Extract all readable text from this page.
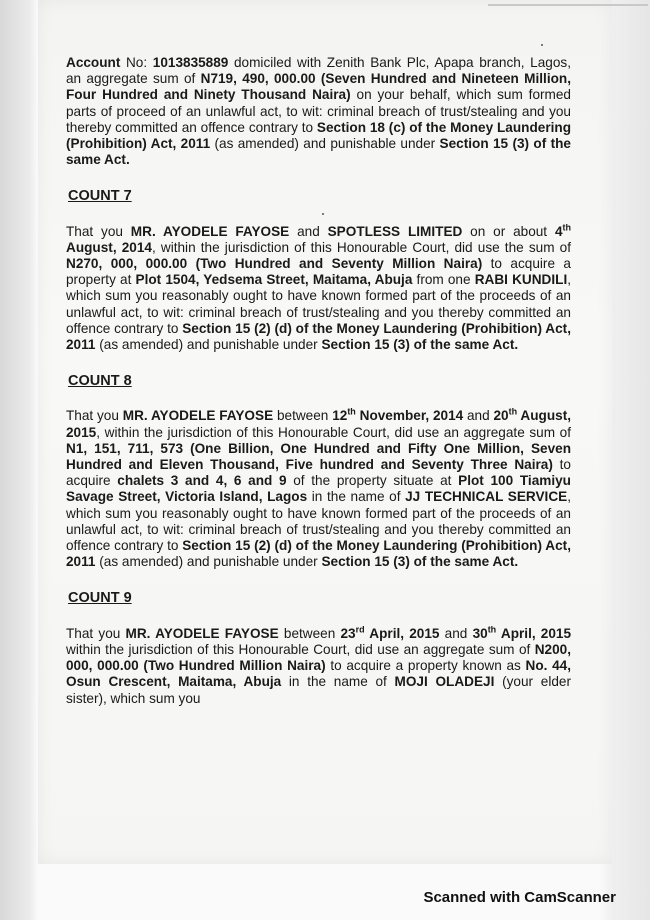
Account No: 1013835889 domiciled with Zenith Bank Plc, Apapa branch, Lagos, an aggregate sum of N719, 490, 000.00 (Seven Hundred and Nineteen Million, Four Hundred and Ninety Thousand Naira) on your behalf, which sum formed parts of proceed of an unlawful act, to wit: criminal breach of trust/stealing and you thereby committed an offence contrary to Section 18 (c) of the Money Laundering (Prohibition) Act, 2011 (as amended) and punishable under Section 15 (3) of the same Act.

COUNT 7

That you MR. AYODELE FAYOSE and SPOTLESS LIMITED on or about 4th August, 2014, within the jurisdiction of this Honourable Court, did use the sum of N270, 000, 000.00 (Two Hundred and Seventy Million Naira) to acquire a property at Plot 1504, Yedsema Street, Maitama, Abuja from one RABI KUNDILI, which sum you reasonably ought to have known formed part of the proceeds of an unlawful act, to wit: criminal breach of trust/stealing and you thereby committed an offence contrary to Section 15 (2) (d) of the Money Laundering (Prohibition) Act, 2011 (as amended) and punishable under Section 15 (3) of the same Act.

COUNT 8

That you MR. AYODELE FAYOSE between 12th November, 2014 and 20th August, 2015, within the jurisdiction of this Honourable Court, did use an aggregate sum of N1, 151, 711, 573 (One Billion, One Hundred and Fifty One Million, Seven Hundred and Eleven Thousand, Five hundred and Seventy Three Naira) to acquire chalets 3 and 4, 6 and 9 of the property situate at Plot 100 Tiamiyu Savage Street, Victoria Island, Lagos in the name of JJ TECHNICAL SERVICE, which sum you reasonably ought to have known formed part of the proceeds of an unlawful act, to wit: criminal breach of trust/stealing and you thereby committed an offence contrary to Section 15 (2) (d) of the Money Laundering (Prohibition) Act, 2011 (as amended) and punishable under Section 15 (3) of the same Act.

COUNT 9

That you MR. AYODELE FAYOSE between 23rd April, 2015 and 30th April, 2015 within the jurisdiction of this Honourable Court, did use an aggregate sum of N200, 000, 000.00 (Two Hundred Million Naira) to acquire a property known as No. 44, Osun Crescent, Maitama, Abuja in the name of MOJI OLADEJI (your elder sister), which sum you

Scanned with CamScanner
